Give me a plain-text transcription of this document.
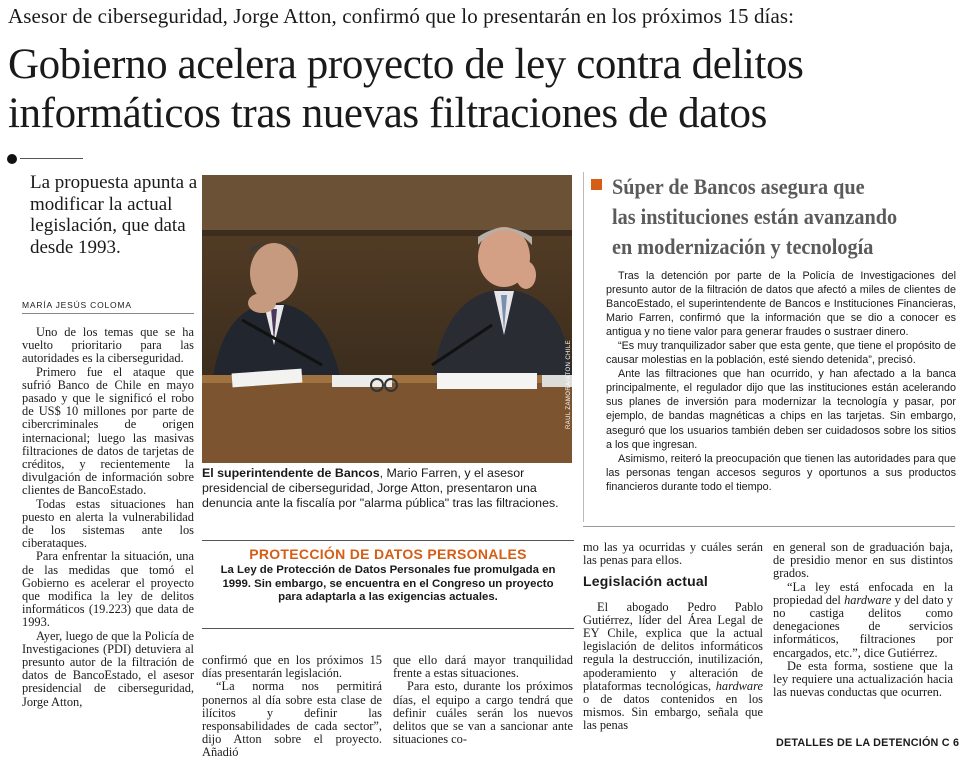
Asesor de ciberseguridad, Jorge Atton, confirmó que lo presentarán en los próximos 15 días:
Gobierno acelera proyecto de ley contra delitos
informáticos tras nuevas filtraciones de datos
La propuesta apunta a modificar la actual legislación, que data desde 1993.
MARÍA JESÚS COLOMA

Uno de los temas que se ha vuelto prioritario para las autoridades es la ciberseguridad.

Primero fue el ataque que sufrió Banco de Chile en mayo pasado y que le significó el robo de US$ 10 millones por parte de cibercriminales de origen internacional; luego las masivas filtraciones de datos de tarjetas de créditos, y recientemente la divulgación de información sobre clientes de BancoEstado.

Todas estas situaciones han puesto en alerta la vulnerabilidad de los sistemas ante los ciberataques.

Para enfrentar la situación, una de las medidas que tomó el Gobierno es acelerar el proyecto que modifica la ley de delitos informáticos (19.223) que data de 1993.

Ayer, luego de que la Policía de Investigaciones (PDI) detuviera al presunto autor de la filtración de datos de BancoEstado, el asesor presidencial de ciberseguridad, Jorge Atton,

RAÚL ZAMORA/ATON CHILE
El superintendente de Bancos, Mario Farren, y el asesor presidencial de ciberseguridad, Jorge Atton, presentaron una denuncia ante la fiscalía por "alarma pública" tras las filtraciones.
PROTECCIÓN DE DATOS PERSONALES
La Ley de Protección de Datos Personales fue promulgada en 1999. Sin embargo, se encuentra en el Congreso un proyecto para adaptarla a las exigencias actuales.

confirmó que en los próximos 15 días presentarán legislación.

“La norma nos permitirá ponernos al día sobre esta clase de ilícitos y definir las responsabilidades de cada sector”, dijo Atton sobre el proyecto. Añadió

que ello dará mayor tranquilidad frente a estas situaciones.

Para esto, durante los próximos días, el equipo a cargo tendrá que definir cuáles serán los nuevos delitos que se van a sancionar ante situaciones co-

mo las ya ocurridas y cuáles serán las penas para ellos.

Legislación actual

El abogado Pedro Pablo Gutiérrez, líder del Área Legal de EY Chile, explica que la actual legislación de delitos informáticos regula la destrucción, inutilización, apoderamiento y alteración de plataformas tecnológicas, hardware o de datos contenidos en los mismos. Sin embargo, señala que las penas

en general son de graduación baja, de presidio menor en sus distintos grados.

“La ley está enfocada en la propiedad del hardware y del dato y no castiga delitos como denegaciones de servicios informáticos, filtraciones por encargados, etc.”, dice Gutiérrez.

De esta forma, sostiene que la ley requiere una actualización hacia las nuevas conductas que ocurren.

Súper de Bancos asegura que
las instituciones están avanzando
en modernización y tecnología

Tras la detención por parte de la Policía de Investigaciones del presunto autor de la filtración de datos que afectó a miles de clientes de BancoEstado, el superintendente de Bancos e Instituciones Financieras, Mario Farren, confirmó que la información que se dio a conocer es antigua y no tiene valor para generar fraudes o sustraer dinero.

“Es muy tranquilizador saber que esta gente, que tiene el propósito de causar molestias en la población, esté siendo detenida”, precisó.

Ante las filtraciones que han ocurrido, y han afectado a la banca principalmente, el regulador dijo que las instituciones están acelerando sus planes de inversión para modernizar la tecnología y pasar, por ejemplo, de bandas magnéticas a chips en las tarjetas. Sin embargo, aseguró que los usuarios también deben ser cuidadosos sobre los sitios a los que ingresan.

Asimismo, reiteró la preocupación que tienen las autoridades para que las personas tengan accesos seguros y oportunos a sus productos financieros durante todo el tiempo.

DETALLES DE LA DETENCIÓN C 6
